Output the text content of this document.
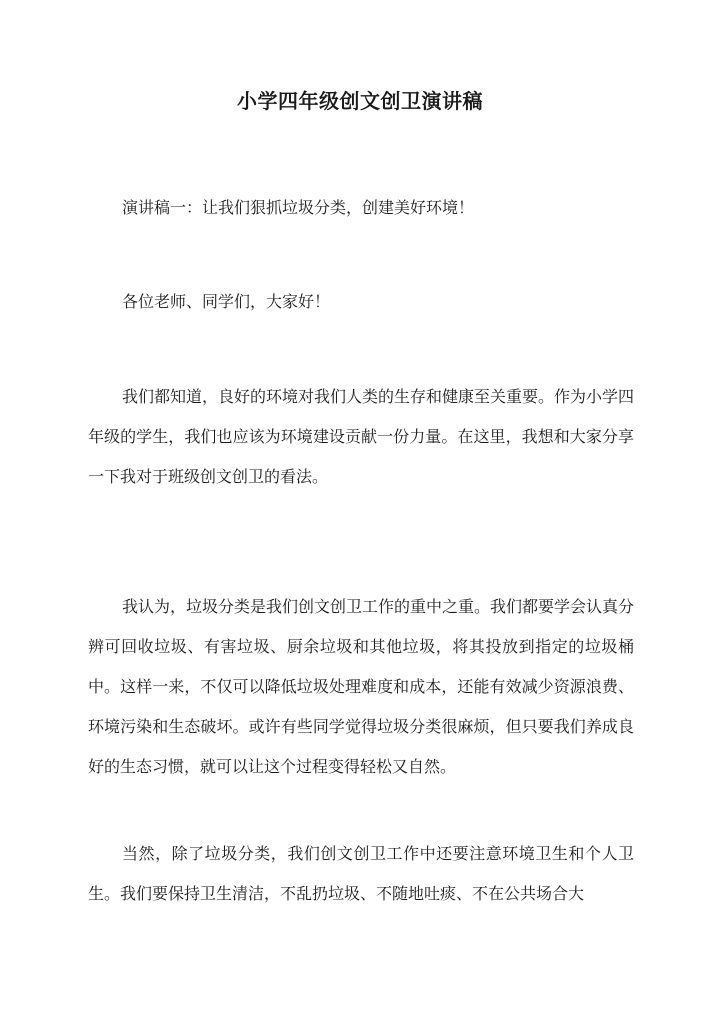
小学四年级创文创卫演讲稿

演讲稿一：让我们狠抓垃圾分类，创建美好环境！

各位老师、同学们，大家好！

我们都知道，良好的环境对我们人类的生存和健康至关重要。作为小学四年级的学生，我们也应该为环境建设贡献一份力量。在这里，我想和大家分享一下我对于班级创文创卫的看法。

我认为，垃圾分类是我们创文创卫工作的重中之重。我们都要学会认真分辨可回收垃圾、有害垃圾、厨余垃圾和其他垃圾，将其投放到指定的垃圾桶中。这样一来，不仅可以降低垃圾处理难度和成本，还能有效减少资源浪费、环境污染和生态破坏。或许有些同学觉得垃圾分类很麻烦，但只要我们养成良好的生态习惯，就可以让这个过程变得轻松又自然。

当然，除了垃圾分类，我们创文创卫工作中还要注意环境卫生和个人卫生。我们要保持卫生清洁，不乱扔垃圾、不随地吐痰、不在公共场合大
